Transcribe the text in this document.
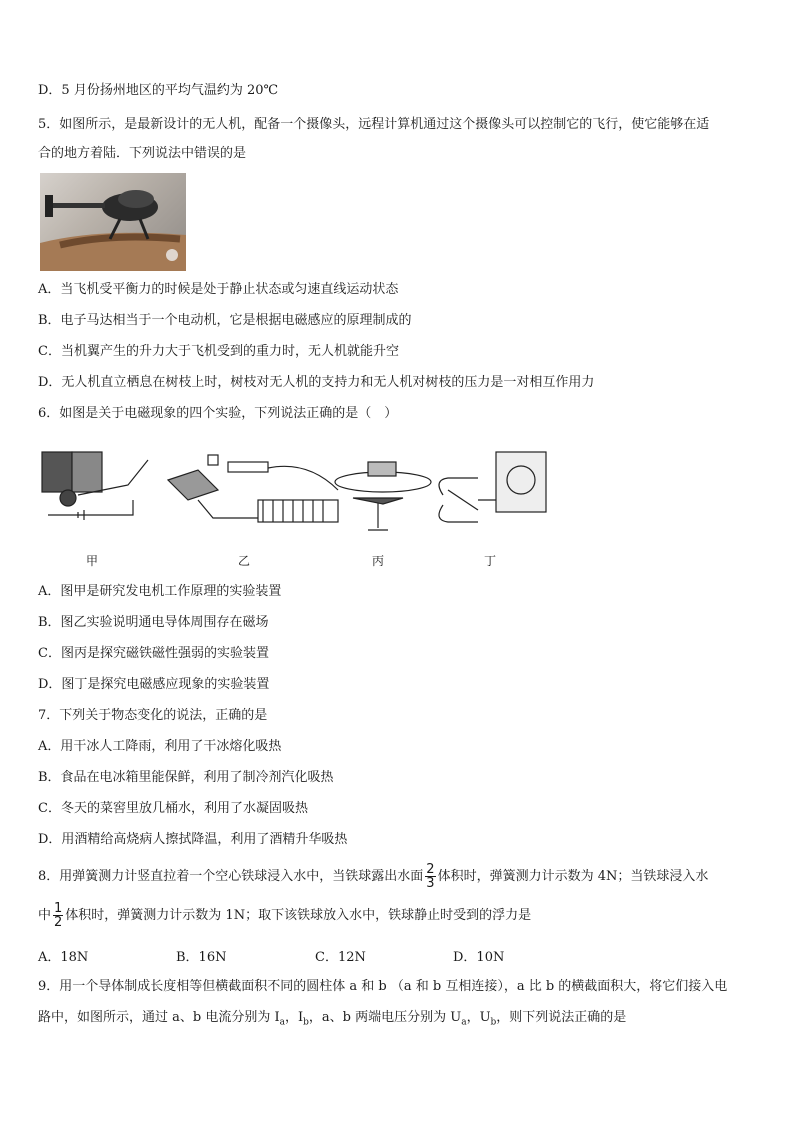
D．5 月份扬州地区的平均气温约为 20℃
5．如图所示，是最新设计的无人机，配备一个摄像头，远程计算机通过这个摄像头可以控制它的飞行，使它能够在适
合的地方着陆．下列说法中错误的是
A．当飞机受平衡力的时候是处于静止状态或匀速直线运动状态
B．电子马达相当于一个电动机，它是根据电磁感应的原理制成的
C．当机翼产生的升力大于飞机受到的重力时，无人机就能升空
D．无人机直立栖息在树枝上时，树枝对无人机的支持力和无人机对树枝的压力是一对相互作用力
6．如图是关于电磁现象的四个实验，下列说法正确的是（　）
甲	乙	丙	丁
A．图甲是研究发电机工作原理的实验装置
B．图乙实验说明通电导体周围存在磁场
C．图丙是探究磁铁磁性强弱的实验装置
D．图丁是探究电磁感应现象的实验装置
7．下列关于物态变化的说法，正确的是
A．用干冰人工降雨，利用了干冰熔化吸热
B．食品在电冰箱里能保鲜，利用了制冷剂汽化吸热
C．冬天的菜窖里放几桶水，利用了水凝固吸热
D．用酒精给高烧病人擦拭降温，利用了酒精升华吸热
8．用弹簧测力计竖直拉着一个空心铁球浸入水中，当铁球露出水面 $\frac{2}{3}$ 体积时，弹簧测力计示数为 4N；当铁球浸入水
中 $\frac{1}{2}$ 体积时，弹簧测力计示数为 1N；取下该铁球放入水中，铁球静止时受到的浮力是
A．18N	B．16N	C．12N	D．10N
9．用一个导体制成长度相等但横截面积不同的圆柱体 a 和 b （a 和 b 互相连接），a 比 b 的横截面积大，将它们接入电
路中，如图所示，通过 a、b 电流分别为 $I_a$，$I_b$，a、b 两端电压分别为 $U_a$，$U_b$，则下列说法正确的是
